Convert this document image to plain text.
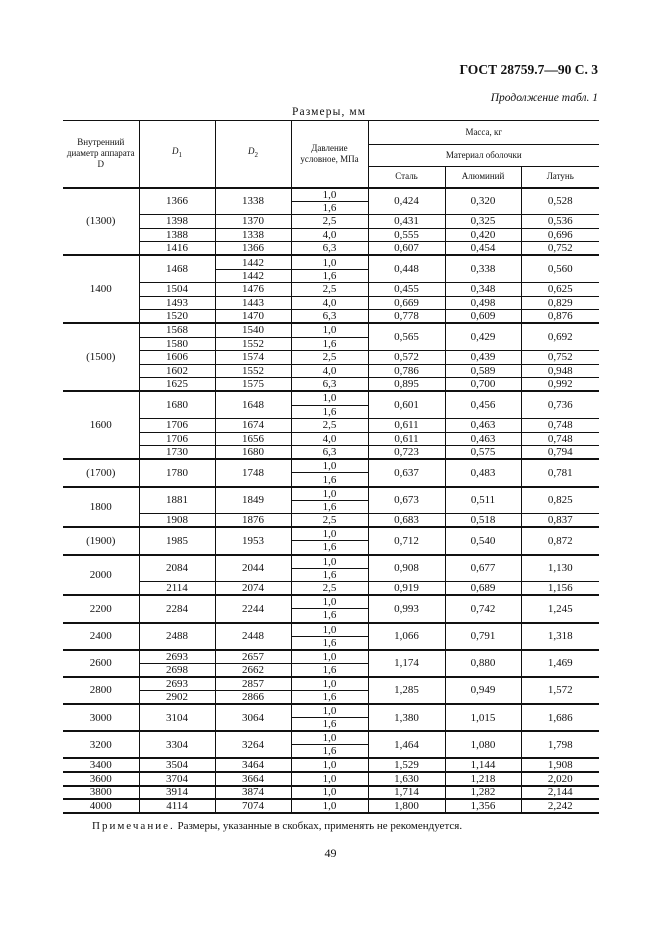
ГОСТ 28759.7—90 С. 3
Продолжение табл. 1
Размеры, мм
Внутренний диаметр аппарата D	$D_1$	$D_2$	Давление условное, МПа	Масса, кг		
				Материал оболочки		
				Сталь	Алюминий	Латунь
(1300)	1366	1338	1,0	0,424	0,320	0,528
			1,6			
	1398	1370	2,5	0,431	0,325	0,536
	1388	1338	4,0	0,555	0,420	0,696
	1416	1366	6,3	0,607	0,454	0,752
1400	1468	1442	1,0	0,448	0,338	0,560
		1442	1,6			
	1504	1476	2,5	0,455	0,348	0,625
	1493	1443	4,0	0,669	0,498	0,829
	1520	1470	6,3	0,778	0,609	0,876
(1500)	1568	1540	1,0	0,565	0,429	0,692
	1580	1552	1,6			
	1606	1574	2,5	0,572	0,439	0,752
	1602	1552	4,0	0,786	0,589	0,948
	1625	1575	6,3	0,895	0,700	0,992
1600	1680	1648	1,0	0,601	0,456	0,736
			1,6			
	1706	1674	2,5	0,611	0,463	0,748
	1706	1656	4,0	0,611	0,463	0,748
	1730	1680	6,3	0,723	0,575	0,794
(1700)	1780	1748	1,0	0,637	0,483	0,781
			1,6			
1800	1881	1849	1,0	0,673	0,511	0,825
			1,6			
	1908	1876	2,5	0,683	0,518	0,837
(1900)	1985	1953	1,0	0,712	0,540	0,872
			1,6			
2000	2084	2044	1,0	0,908	0,677	1,130
			1,6			
	2114	2074	2,5	0,919	0,689	1,156
2200	2284	2244	1,0	0,993	0,742	1,245
			1,6			
2400	2488	2448	1,0	1,066	0,791	1,318
			1,6			
2600	2693	2657	1,0	1,174	0,880	1,469
	2698	2662	1,6			
2800	2693	2857	1,0	1,285	0,949	1,572
	2902	2866	1,6			
3000	3104	3064	1,0	1,380	1,015	1,686
			1,6			
3200	3304	3264	1,0	1,464	1,080	1,798
			1,6			
3400	3504	3464	1,0	1,529	1,144	1,908
3600	3704	3664	1,0	1,630	1,218	2,020
3800	3914	3874	1,0	1,714	1,282	2,144
4000	4114	7074	1,0	1,800	1,356	2,242
Примечание. Размеры, указанные в скобках, применять не рекомендуется.
49
